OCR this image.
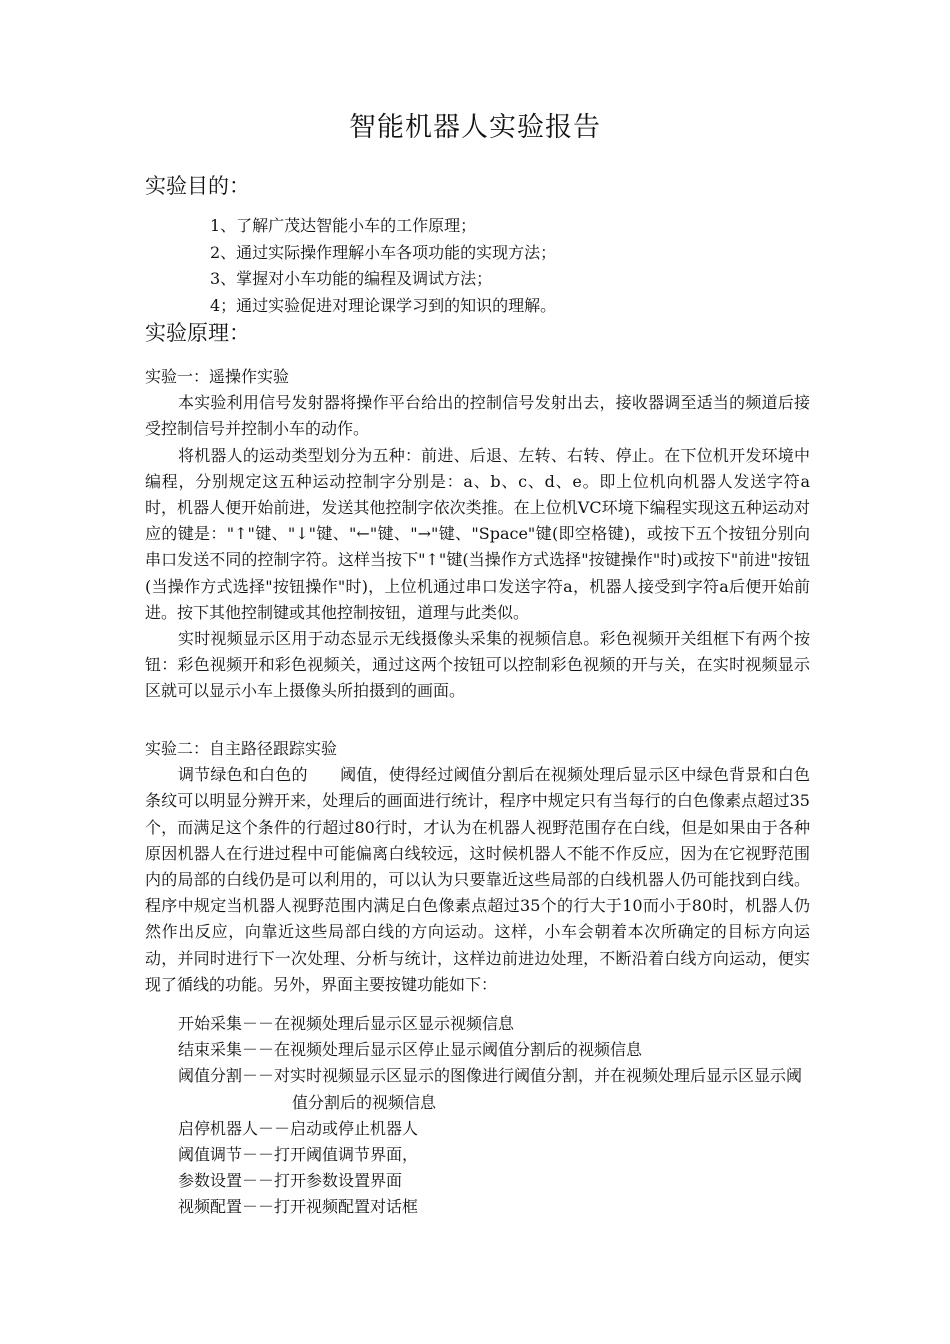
智能机器人实验报告
实验目的：
1、了解广茂达智能小车的工作原理；
2、通过实际操作理解小车各项功能的实现方法；
3、掌握对小车功能的编程及调试方法；
4；通过实验促进对理论课学习到的知识的理解。
实验原理：

实验一：遥操作实验

本实验利用信号发射器将操作平台给出的控制信号发射出去，接收器调至适当的频道后接受控制信号并控制小车的动作。

将机器人的运动类型划分为五种：前进、后退、左转、右转、停止。在下位机开发环境中编程，分别规定这五种运动控制字分别是：a、b、c、d、e。即上位机向机器人发送字符a时，机器人便开始前进，发送其他控制字依次类推。在上位机VC环境下编程实现这五种运动对应的键是："↑"键、"↓"键、"←"键、"→"键、"Space"键(即空格键)，或按下五个按钮分别向串口发送不同的控制字符。这样当按下"↑"键(当操作方式选择"按键操作"时)或按下"前进"按钮(当操作方式选择"按钮操作"时)，上位机通过串口发送字符a，机器人接受到字符a后便开始前进。按下其他控制键或其他控制按钮，道理与此类似。

实时视频显示区用于动态显示无线摄像头采集的视频信息。彩色视频开关组框下有两个按钮：彩色视频开和彩色视频关，通过这两个按钮可以控制彩色视频的开与关，在实时视频显示区就可以显示小车上摄像头所拍摄到的画面。

实验二：自主路径跟踪实验

调节绿色和白色的　　阈值，使得经过阈值分割后在视频处理后显示区中绿色背景和白色条纹可以明显分辨开来，处理后的画面进行统计，程序中规定只有当每行的白色像素点超过35个，而满足这个条件的行超过80行时，才认为在机器人视野范围存在白线，但是如果由于各种原因机器人在行进过程中可能偏离白线较远，这时候机器人不能不作反应，因为在它视野范围内的局部的白线仍是可以利用的，可以认为只要靠近这些局部的白线机器人仍可能找到白线。程序中规定当机器人视野范围内满足白色像素点超过35个的行大于10而小于80时，机器人仍然作出反应，向靠近这些局部白线的方向运动。这样，小车会朝着本次所确定的目标方向运动，并同时进行下一次处理、分析与统计，这样边前进边处理，不断沿着白线方向运动，便实现了循线的功能。另外，界面主要按键功能如下：

开始采集－－在视频处理后显示区显示视频信息
结束采集－－在视频处理后显示区停止显示阈值分割后的视频信息
阈值分割－－对实时视频显示区显示的图像进行阈值分割，并在视频处理后显示区显示阈值分割后的视频信息
启停机器人－－启动或停止机器人
阈值调节－－打开阈值调节界面，
参数设置－－打开参数设置界面
视频配置－－打开视频配置对话框
